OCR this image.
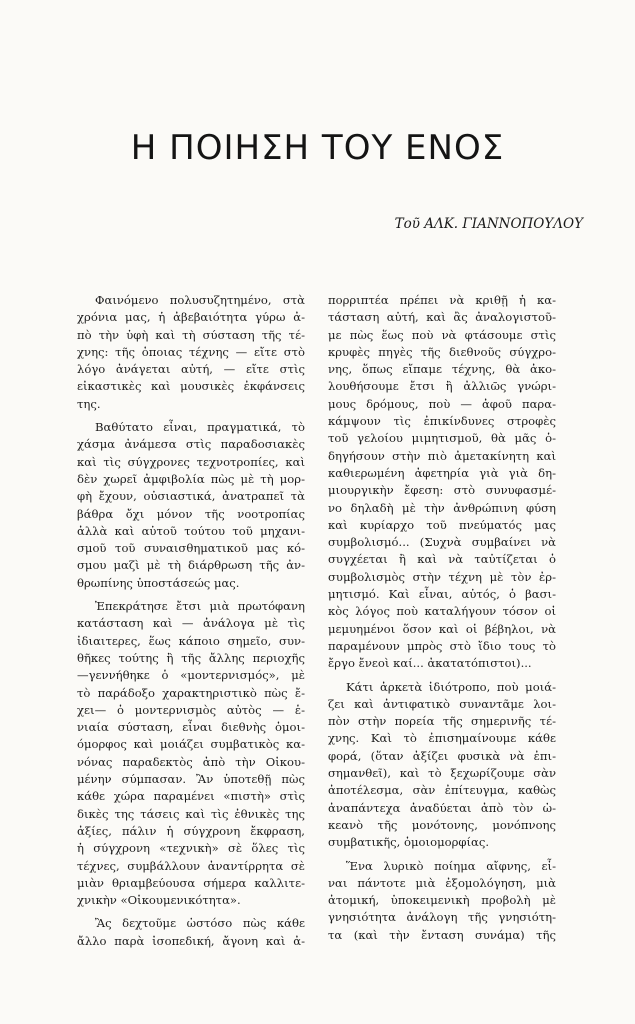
Η ΠΟΙΗΣΗ ΤΟΥ ΕΝΟΣ
Τοῦ ΑΛΚ. ΓΙΑΝΝΟΠΟΥΛΟΥ
Φαινόμενο πολυσυζητημένο, στὰ
χρόνια μας, ἡ ἀβεβαιότητα γύρω ἀ-
πὸ τὴν ὑφὴ καὶ τὴ σύσταση τῆς τέ-
χνης: τῆς ὁποιας τέχνης — εἴτε στὸ
λόγο ἀνάγεται αὐτή, — εἴτε στὶς
εἰκαστικὲς καὶ μουσικὲς ἐκφάνσεις
της.
Βαθύτατο εἶναι, πραγματικά, τὸ
χάσμα ἀνάμεσα στὶς παραδοσιακὲς
καὶ τὶς σύγχρονες τεχνοτροπίες, καὶ
δὲν χωρεῖ ἀμφιβολία πὼς μὲ τὴ μορ-
φὴ ἔχουν, οὐσιαστικά, ἀνατραπεῖ τὰ
βάθρα ὄχι μόνον τῆς νοοτροπίας
ἀλλὰ καὶ αὐτοῦ τούτου τοῦ μηχανι-
σμοῦ τοῦ συναισθηματικοῦ μας κό-
σμου μαζὶ μὲ τὴ διάρθρωση τῆς ἀν-
θρωπίνης ὑποστάσεώς μας.
Ἐπεκράτησε ἔτσι μιὰ πρωτόφανη
κατάσταση καὶ — ἀνάλογα μὲ τὶς
ἰδιαιτερες, ἕως κάποιο σημεῖο, συν-
θῆκες τούτης ἢ τῆς ἄλλης περιοχῆς
—γεννήθηκε ὁ «μοντερνισμός», μὲ
τὸ παράδοξο χαρακτηριστικὸ πὼς ἔ-
χει— ὁ μοντερνισμὸς αὐτὸς — ἑ-
νιαία σύσταση, εἶναι διεθνὴς ὁμοι-
όμορφος καὶ μοιάζει συμβατικὸς κα-
νόνας παραδεκτὸς ἀπὸ τὴν Οἰκου-
μένην σύμπασαν. Ἂν ὑποτεθῇ πὼς
κάθε χώρα παραμένει «πιστὴ» στὶς
δικὲς της τάσεις καὶ τὶς ἐθνικὲς της
ἀξίες, πάλιν ἡ σύγχρονη ἔκφραση,
ἡ σύγχρονη «τεχνικὴ» σὲ ὅλες τὶς
τέχνες, συμβάλλουν ἀναντίρρητα σὲ
μιὰν θριαμβεύουσα σήμερα καλλιτε-
χνικὴν «Οἰκουμενικότητα».
Ἂς δεχτοῦμε ὡστόσο πὼς κάθε
ἄλλο παρὰ ἰσοπεδική, ἄγονη καὶ ἀ-
πορριπτέα πρέπει νὰ κριθῇ ἡ κα-
τάσταση αὐτή, καὶ ἂς ἀναλογιστοῦ-
με πὼς ἕως ποὺ νὰ φτάσουμε στὶς
κρυφὲς πηγὲς τῆς διεθνοῦς σύγχρο-
νης, ὅπως εἴπαμε τέχνης, θὰ ἀκο-
λουθήσουμε ἔτσι ἢ ἀλλιῶς γνώρι-
μους δρόμους, ποὺ — ἀφοῦ παρα-
κάμψουν τὶς ἐπικίνδυνες στροφὲς
τοῦ γελοίου μιμητισμοῦ, θὰ μᾶς ὁ-
δηγήσουν στὴν πιὸ ἀμετακίνητη καὶ
καθιερωμένη ἀφετηρία γιὰ γιὰ δη-
μιουργικὴν ἔφεση: στὸ συνυφασμέ-
νο δηλαδὴ μὲ τὴν ἀνθρώπινη φύση
καὶ κυρίαρχο τοῦ πνεύματός μας
συμβολισμό... (Συχνὰ συμβαίνει νὰ
συγχέεται ἢ καὶ νὰ ταὐτίζεται ὁ
συμβολισμὸς στὴν τέχνη μὲ τὸν ἐρ-
μητισμό. Καὶ εἶναι, αὐτός, ὁ βασι-
κὸς λόγος ποὺ καταλήγουν τόσον οἱ
μεμυημένοι ὅσον καὶ οἱ βέβηλοι, νὰ
παραμένουν μπρὸς στὸ ἴδιο τους τὸ
ἔργο ἔνεοὶ καί... ἀκατατόπιστοι)...
Κάτι ἀρκετὰ ἰδιότροπο, ποὺ μοιά-
ζει καὶ ἀντιφατικὸ συναντᾶμε λοι-
πὸν στὴν πορεία τῆς σημερινῆς τέ-
χνης. Καὶ τὸ ἐπισημαίνουμε κάθε
φορά, (ὅταν ἀξίζει φυσικὰ νὰ ἐπι-
σημανθεῖ), καὶ τὸ ξεχωρίζουμε σὰν
ἀποτέλεσμα, σὰν ἐπίτευγμα, καθὼς
ἀναπάντεχα ἀναδύεται ἀπὸ τὸν ὠ-
κεανὸ τῆς μονότονης, μονόπνοης
συμβατικῆς, ὁμοιομορφίας.
Ἕνα λυρικὸ ποίημα αἴφνης, εἶ-
ναι πάντοτε μιὰ ἐξομολόγηση, μιὰ
ἀτομική, ὑποκειμενικὴ προβολὴ μὲ
γνησιότητα ἀνάλογη τῆς γνησιότη-
τα (καὶ τὴν ἔνταση συνάμα) τῆς
